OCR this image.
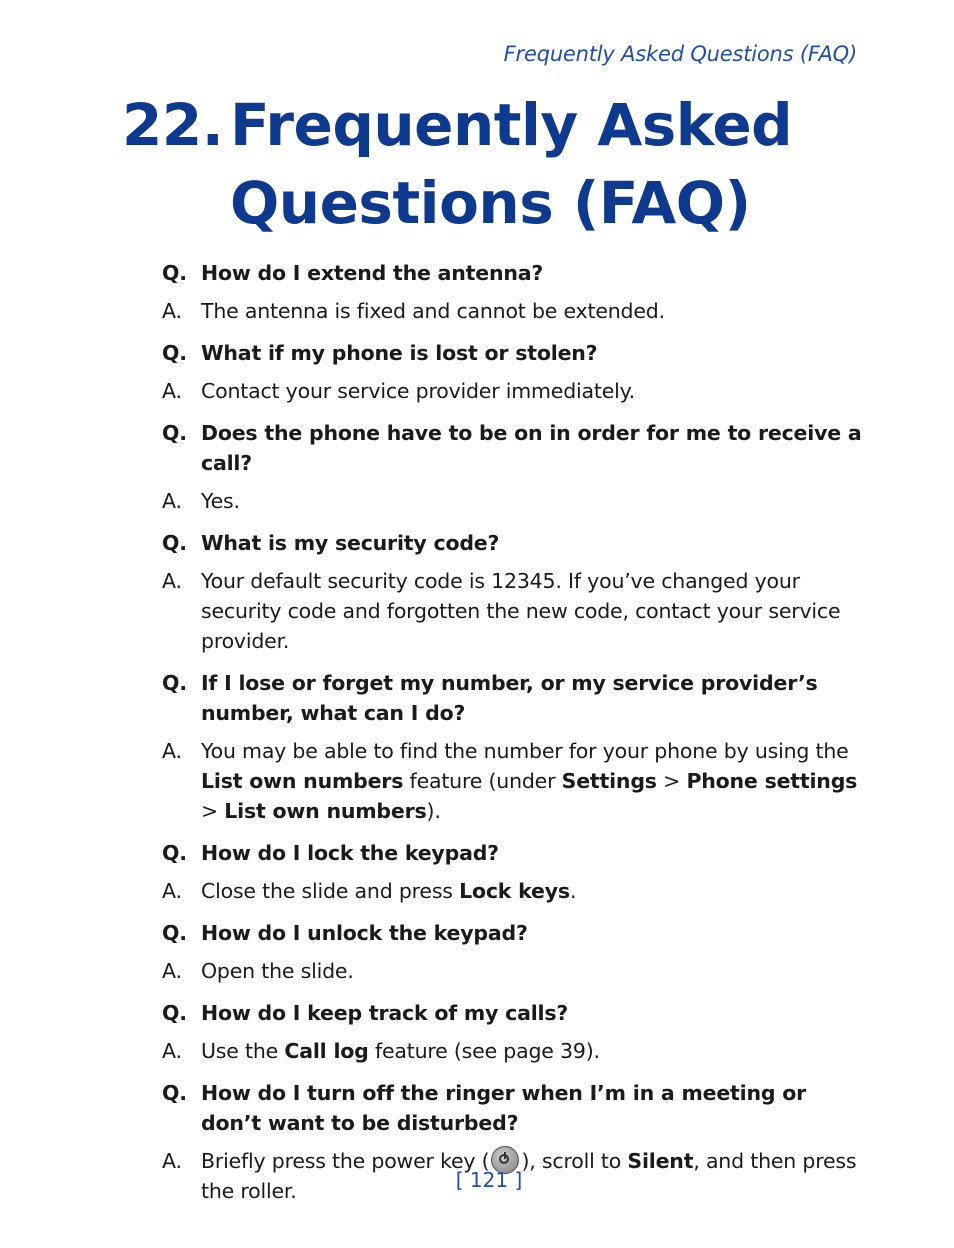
Frequently Asked Questions (FAQ)
22. Frequently Asked
Questions (FAQ)
Q. How do I extend the antenna?
A. The antenna is fixed and cannot be extended.
Q. What if my phone is lost or stolen?
A. Contact your service provider immediately.
Q. Does the phone have to be on in order for me to receive a call?
A. Yes.
Q. What is my security code?
A. Your default security code is 12345. If you’ve changed your security code and forgotten the new code, contact your service provider.
Q. If I lose or forget my number, or my service provider’s number, what can I do?
A. You may be able to find the number for your phone by using the List own numbers feature (under Settings > Phone settings > List own numbers).
Q. How do I lock the keypad?
A. Close the slide and press Lock keys.
Q. How do I unlock the keypad?
A. Open the slide.
Q. How do I keep track of my calls?
A. Use the Call log feature (see page 39).
Q. How do I turn off the ringer when I’m in a meeting or don’t want to be disturbed?
A. Briefly press the power key ( ), scroll to Silent, and then press the roller.	[ 121 ]
